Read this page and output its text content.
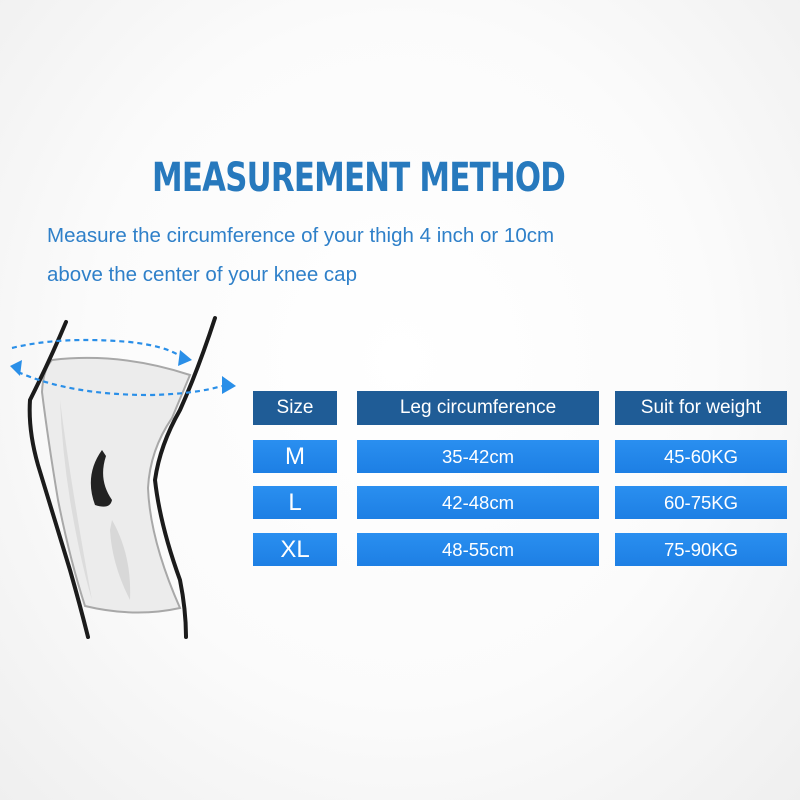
MEASUREMENT METHOD
Measure the circumference of your thigh 4 inch or 10cm
above the center of your knee cap
Size	Leg circumference	Suit for weight
M	35-42cm	45-60KG
L	42-48cm	60-75KG
XL	48-55cm	75-90KG
